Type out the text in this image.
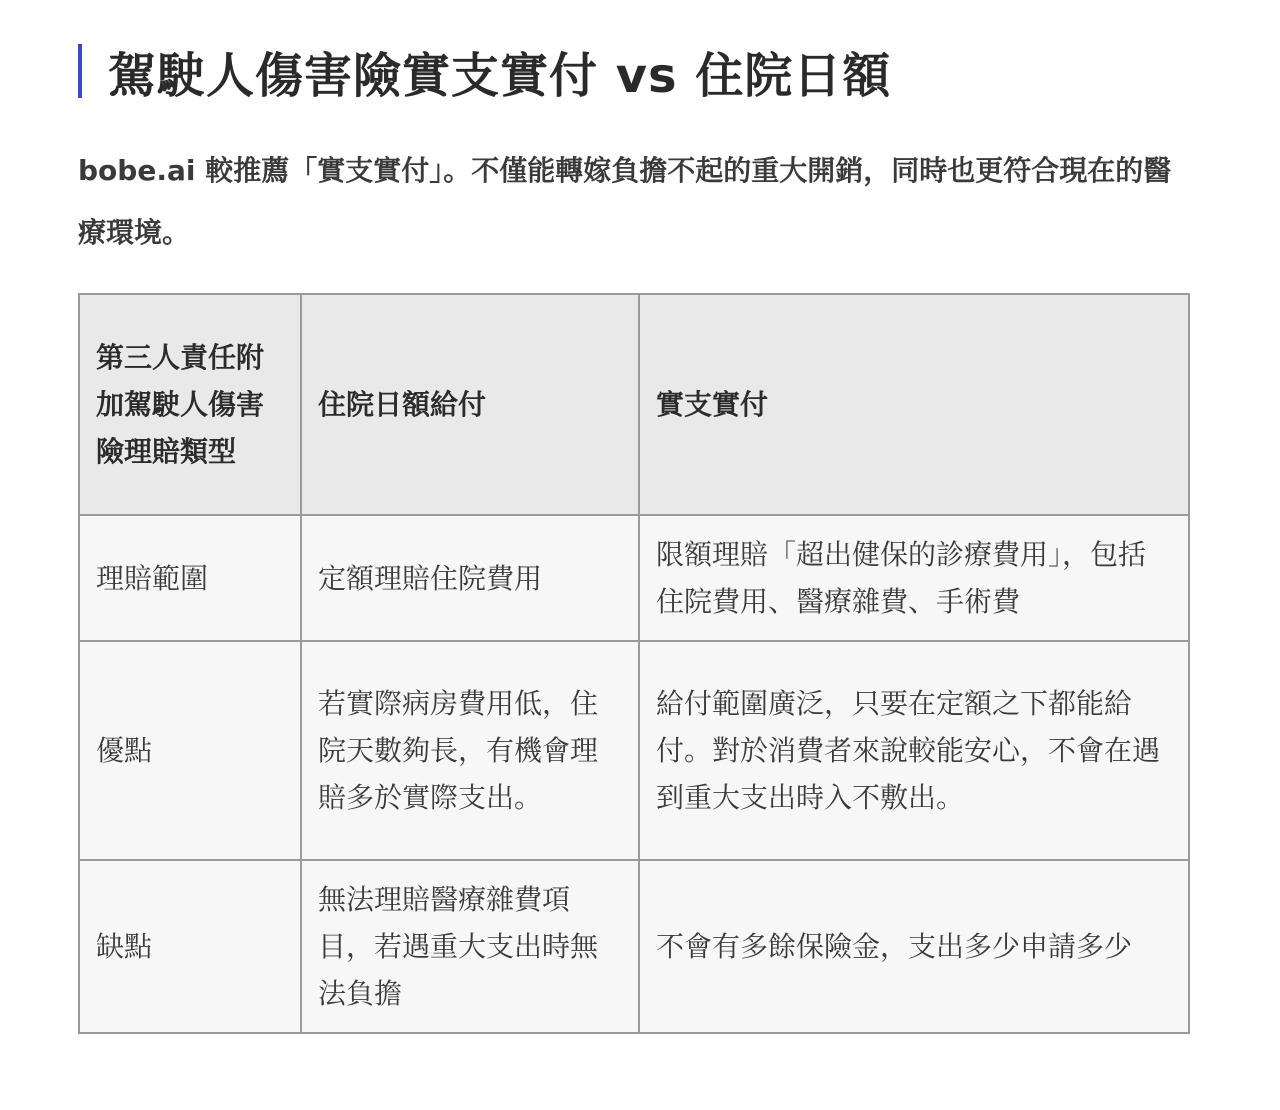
駕駛人傷害險實支實付 vs 住院日額

bobe.ai 較推薦「實支實付」。不僅能轉嫁負擔不起的重大開銷，同時也更符合現在的醫療環境。

第三人責任附加駕駛人傷害險理賠類型	住院日額給付	實支實付
理賠範圍	定額理賠住院費用	限額理賠「超出健保的診療費用」，包括住院費用、醫療雜費、手術費
優點	若實際病房費用低，住院天數夠長，有機會理賠多於實際支出。	給付範圍廣泛，只要在定額之下都能給付。對於消費者來說較能安心，不會在遇到重大支出時入不敷出。
缺點	無法理賠醫療雜費項目，若遇重大支出時無法負擔	不會有多餘保險金，支出多少申請多少
